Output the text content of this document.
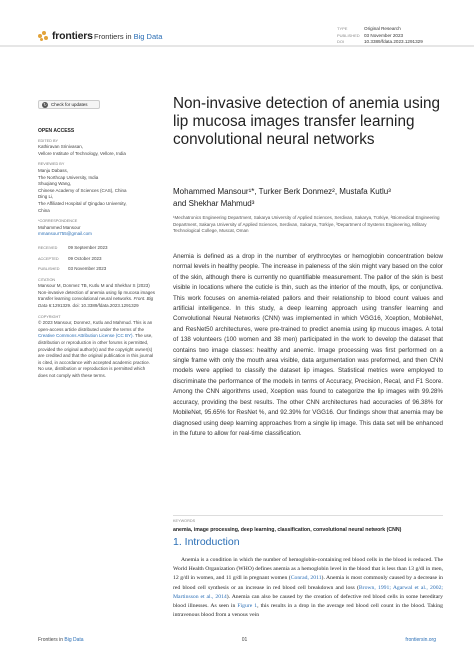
frontiers Frontiers in Big Data
TYPE	Original Research
PUBLISHED 03 November 2023
DOI	10.3389/fdata.2023.1291329
↻ Check for updates
OPEN ACCESS
EDITED BY
Kathiravan Srinivasan,
Vellore Institute of Technology, Vellore, India
REVIEWED BY
Manju Dabass,
The Northcap University, India
Shuqiang Wang,
Chinese Academy of Sciences (CAS), China
Ding Li,
The Affiliated Hospital of Qingdao University,
China
*CORRESPONDENCE
Mohammed Mansour
mmansour755@gmail.com
RECEIVED 09 September 2023
ACCEPTED 09 October 2023
PUBLISHED 03 November 2023
CITATION
Mansour M, Donmez TB, Kutlu M and Shekhar S (2023) Non-invasive detection of anemia using lip mucosa images transfer learning convolutional neural networks. Front. Big Data 6:1291329. doi: 10.3389/fdata.2023.1291329
COPYRIGHT
© 2023 Mansour, Donmez, Kutlu and Mahmud. This is an open-access article distributed under the terms of the Creative Commons Attribution License (CC BY). The use, distribution or reproduction in other forums is permitted, provided the original author(s) and the copyright owner(s) are credited and that the original publication in this journal is cited, in accordance with accepted academic practice. No use, distribution or reproduction is permitted which does not comply with these terms.
Non-invasive detection of anemia using lip mucosa images transfer learning convolutional neural networks
Mohammed Mansour¹*, Turker Berk Donmez², Mustafa Kutlu³
and Shekhar Mahmud³
¹Mechatronics Engineering Department, Sakarya University of Applied Sciences, Serdivan, Sakarya, Türkiye, ²Biomedical Engineering Department, Sakarya University of Applied Sciences, Serdivan, Sakarya, Türkiye, ³Department of Systems Engineering, Military Technological College, Muscat, Oman
Anemia is defined as a drop in the number of erythrocytes or hemoglobin concentration below normal levels in healthy people. The increase in paleness of the skin might vary based on the color of the skin, although there is currently no quantifiable measurement. The pallor of the skin is best visible in locations where the cuticle is thin, such as the interior of the mouth, lips, or conjunctiva. This work focuses on anemia-related pallors and their relationship to blood count values and artificial intelligence. In this study, a deep learning approach using transfer learning and Convolutional Neural Networks (CNN) was implemented in which VGG16, Xception, MobileNet, and ResNet50 architectures, were pre-trained to predict anemia using lip mucous images. A total of 138 volunteers (100 women and 38 men) participated in the work to develop the dataset that contains two image classes: healthy and anemic. Image processing was first performed on a single frame with only the mouth area visible, data argumentation was preformed, and then CNN models were applied to classify the dataset lip images. Statistical metrics were employed to discriminate the performance of the models in terms of Accuracy, Precision, Recal, and F1 Score. Among the CNN algorithms used, Xception was found to categorize the lip images with 99.28% accuracy, providing the best results. The other CNN architectures had accuracies of 96.38% for MobileNet, 95.65% for ResNet %, and 92.39% for VGG16. Our findings show that anemia may be diagnosed using deep learning approaches from a single lip image. This data set will be enhanced in the future to allow for real-time classification.
KEYWORDS
anemia, image processing, deep learning, classification, convolutional neural network (CNN)
1. Introduction
Anemia is a condition in which the number of hemoglobin-containing red blood cells in the blood is reduced. The World Health Organization (WHO) defines anemia as a hemoglobin level in the blood that is less than 13 g/dl in men, 12 g/dl in women, and 11 g/dl in pregnant women (Conrad, 2011). Anemia is most commonly caused by a decrease in red blood cell synthesis or an increase in red blood cell breakdown and loss (Brown, 1991; Agarwal et al., 2002; Martinsson et al., 2014). Anemia can also be caused by the creation of defective red blood cells in some hereditary blood illnesses. As seen in Figure 1, this results in a drop in the average red blood cell count in the blood. Taking intravenous blood from a venous vein
Frontiers in Big Data	01	frontiersin.org
